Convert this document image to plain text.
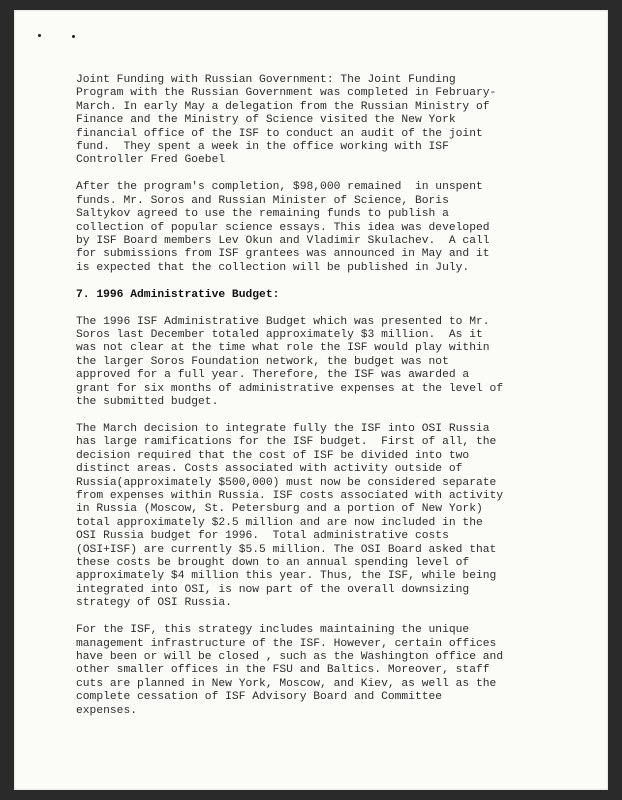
Joint Funding with Russian Government: The Joint Funding

Program with the Russian Government was completed in February-

March. In early May a delegation from the Russian Ministry of

Finance and the Ministry of Science visited the New York

financial office of the ISF to conduct an audit of the joint

fund.  They spent a week in the office working with ISF

Controller Fred Goebel

After the program's completion, $98,000 remained  in unspent

funds. Mr. Soros and Russian Minister of Science, Boris

Saltykov agreed to use the remaining funds to publish a

collection of popular science essays. This idea was developed

by ISF Board members Lev Okun and Vladimir Skulachev.  A call

for submissions from ISF grantees was announced in May and it

is expected that the collection will be published in July.

7. 1996 Administrative Budget:

The 1996 ISF Administrative Budget which was presented to Mr.

Soros last December totaled approximately $3 million.  As it

was not clear at the time what role the ISF would play within

the larger Soros Foundation network, the budget was not

approved for a full year. Therefore, the ISF was awarded a

grant for six months of administrative expenses at the level of

the submitted budget.

The March decision to integrate fully the ISF into OSI Russia

has large ramifications for the ISF budget.  First of all, the

decision required that the cost of ISF be divided into two

distinct areas. Costs associated with activity outside of

Russia(approximately $500,000) must now be considered separate

from expenses within Russia. ISF costs associated with activity

in Russia (Moscow, St. Petersburg and a portion of New York)

total approximately $2.5 million and are now included in the

OSI Russia budget for 1996.  Total administrative costs

(OSI+ISF) are currently $5.5 million. The OSI Board asked that

these costs be brought down to an annual spending level of

approximately $4 million this year. Thus, the ISF, while being

integrated into OSI, is now part of the overall downsizing

strategy of OSI Russia.

For the ISF, this strategy includes maintaining the unique

management infrastructure of the ISF. However, certain offices

have been or will be closed , such as the Washington office and

other smaller offices in the FSU and Baltics. Moreover, staff

cuts are planned in New York, Moscow, and Kiev, as well as the

complete cessation of ISF Advisory Board and Committee

expenses.
